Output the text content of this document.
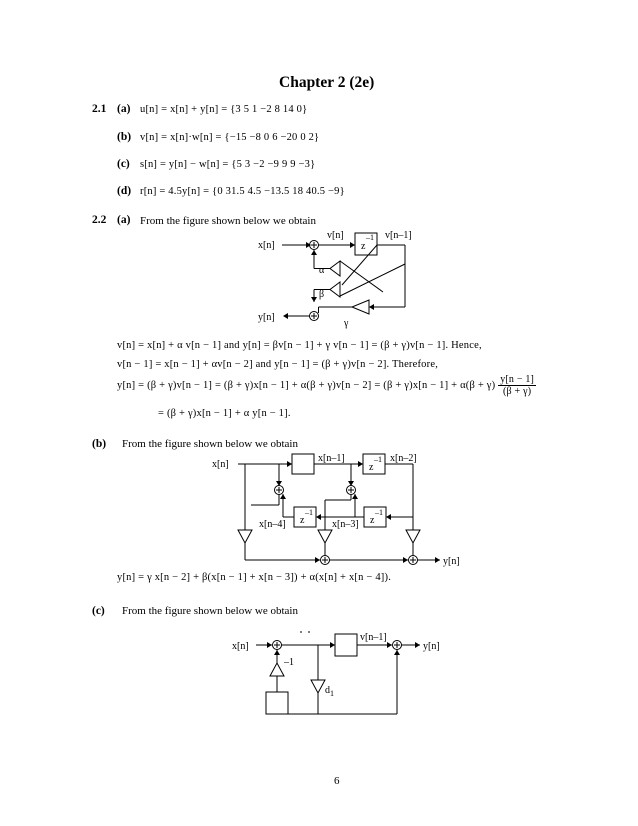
Chapter 2 (2e)
2.1 (a) u[n] = x[n] + y[n] = {3 5 1 −2 8 14 0}
(b) v[n] = x[n]·w[n] = {−15 −8 0 6 −20 0 2}
(c) s[n] = y[n] − w[n] = {5 3 −2 −9 9 9 −3}
(d) r[n] = 4.5y[n] = {0 31.5 4.5 −13.5 18 40.5 −9}
2.2 (a) From the figure shown below we obtain
x[n]
v[n]
z
–1 v[n–1]
γ
α
β
y[n]
v[n] = x[n] + α v[n − 1] and y[n] = βv[n − 1] + γ v[n − 1] = (β + γ)v[n − 1]. Hence,
v[n − 1] = x[n − 1] + αv[n − 2] and y[n − 1] = (β + γ)v[n − 2]. Therefore,
$y[n] = (\beta + \gamma)v[n - 1] = (\beta + \gamma)x[n - 1] + \alpha(\beta + \gamma)v[n - 2] = (\beta + \gamma)x[n - 1] + \alpha(\beta + \gamma) \frac{y[n - 1]}{(\beta + \gamma)}$
= (β + γ)x[n − 1] + α y[n − 1].
(b) From the figure shown below we obtain
x[n]
x[n–1]
z
–1 x[n–2]
z
–1
x[n–3]
z
–1
x[n–4]
y[n]
y[n] = γ x[n − 2] + β(x[n − 1] + x[n − 3]) + α(x[n] + x[n − 4]).
(c) From the figure shown below we obtain
x[n]
v[n–1]
y[n]
$d_1$
–1
6
